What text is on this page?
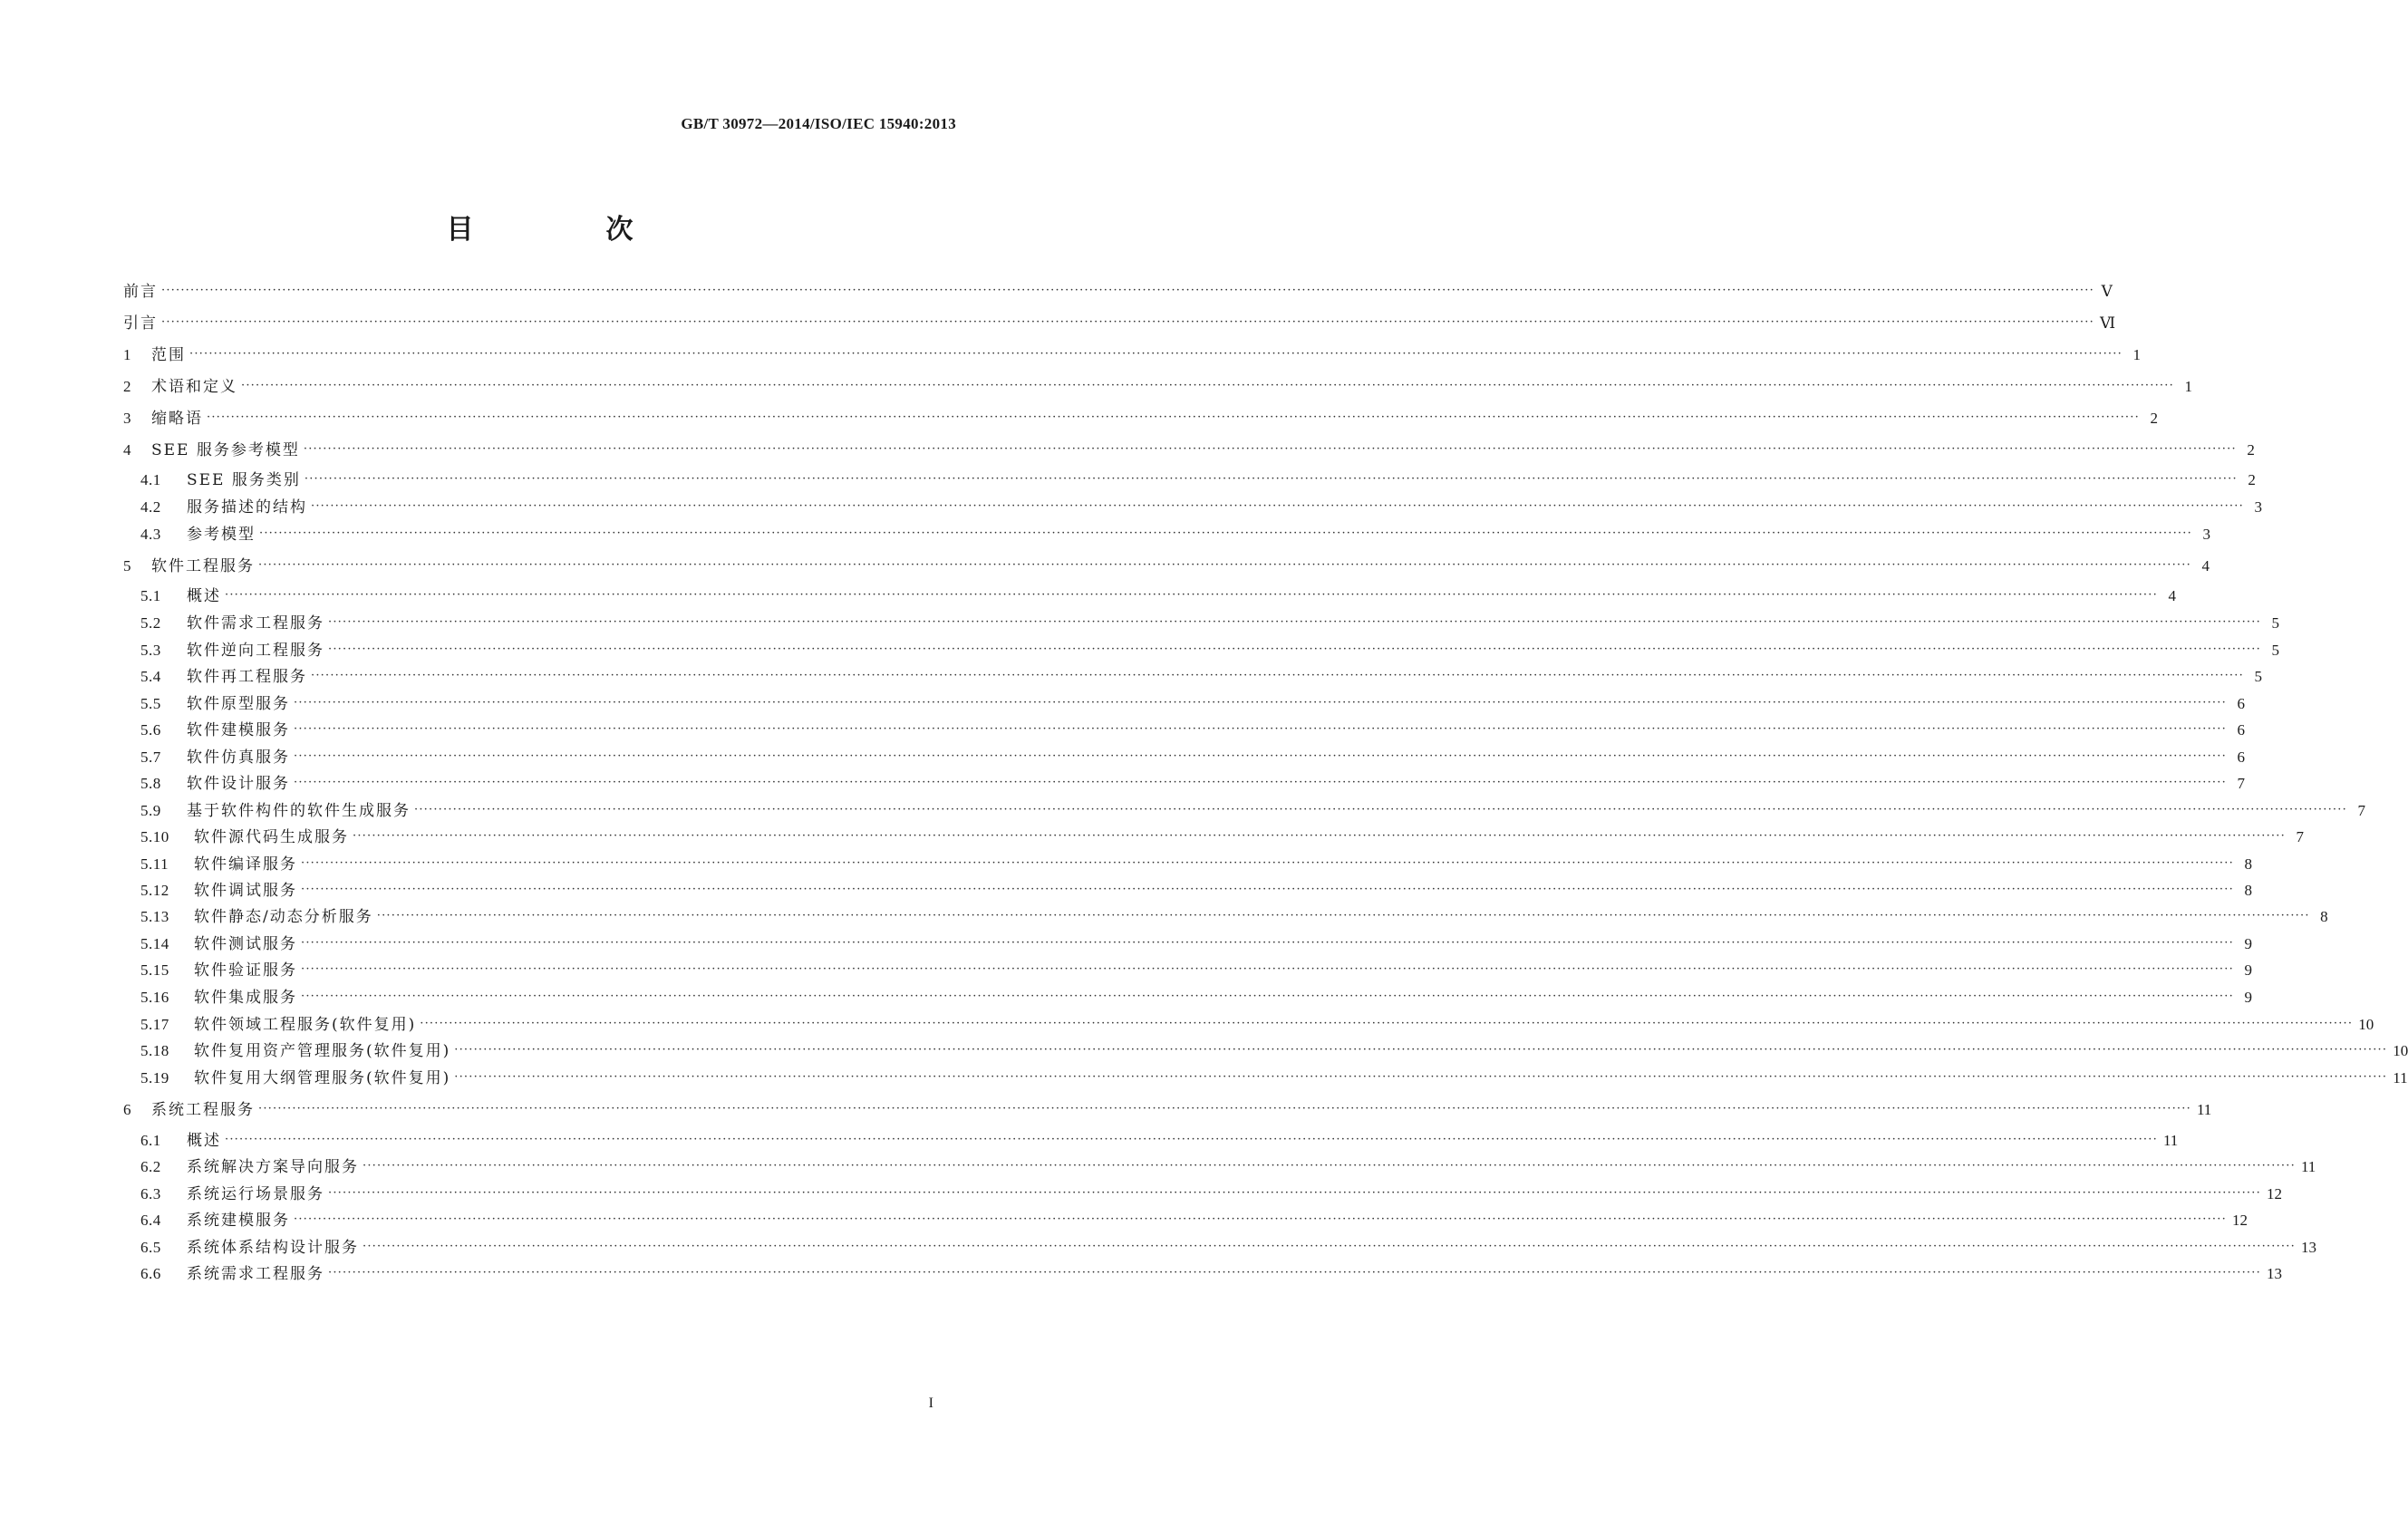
GB/T 30972—2014/ISO/IEC 15940:2013
目　次
前言 ················································································································································································································································································································································································································ Ⅴ
引言 ················································································································································································································································································································································································································ Ⅵ
1	范围 ················································································································································································································································································································································································································ 1
2	术语和定义 ················································································································································································································································································································································································································ 1
3	缩略语 ················································································································································································································································································································································································································ 2
4	SEE 服务参考模型 ················································································································································································································································································································································································································ 2
4.1	SEE 服务类别 ················································································································································································································································································································································································································ 2
4.2	服务描述的结构 ················································································································································································································································································································································································································ 3
4.3	参考模型 ················································································································································································································································································································································································································ 3
5	软件工程服务 ················································································································································································································································································································································································································ 4
5.1	概述 ················································································································································································································································································································································································································ 4
5.2	软件需求工程服务 ················································································································································································································································································································································································································ 5
5.3	软件逆向工程服务 ················································································································································································································································································································································································································ 5
5.4	软件再工程服务 ················································································································································································································································································································································································································ 5
5.5	软件原型服务 ················································································································································································································································································································································································································ 6
5.6	软件建模服务 ················································································································································································································································································································································································································ 6
5.7	软件仿真服务 ················································································································································································································································································································································································································ 6
5.8	软件设计服务 ················································································································································································································································································································································································································ 7
5.9	基于软件构件的软件生成服务 ················································································································································································································································································································································································································ 7
5.10	软件源代码生成服务 ················································································································································································································································································································································································································ 7
5.11	软件编译服务 ················································································································································································································································································································································································································ 8
5.12	软件调试服务 ················································································································································································································································································································································································································ 8
5.13	软件静态/动态分析服务 ················································································································································································································································································································································································································ 8
5.14	软件测试服务 ················································································································································································································································································································································································································ 9
5.15	软件验证服务 ················································································································································································································································································································································································································ 9
5.16	软件集成服务 ················································································································································································································································································································································································································ 9
5.17	软件领域工程服务(软件复用) ················································································································································································································································································································································································································ 10
5.18	软件复用资产管理服务(软件复用) ················································································································································································································································································································································································································ 10
5.19	软件复用大纲管理服务(软件复用) ················································································································································································································································································································································································································ 11
6	系统工程服务 ················································································································································································································································································································································································································ 11
6.1	概述 ················································································································································································································································································································································································································ 11
6.2	系统解决方案导向服务 ················································································································································································································································································································································································································ 11
6.3	系统运行场景服务 ················································································································································································································································································································································································································ 12
6.4	系统建模服务 ················································································································································································································································································································································································································ 12
6.5	系统体系结构设计服务 ················································································································································································································································································································································································································ 13
6.6	系统需求工程服务 ················································································································································································································································································································································································································ 13
I
